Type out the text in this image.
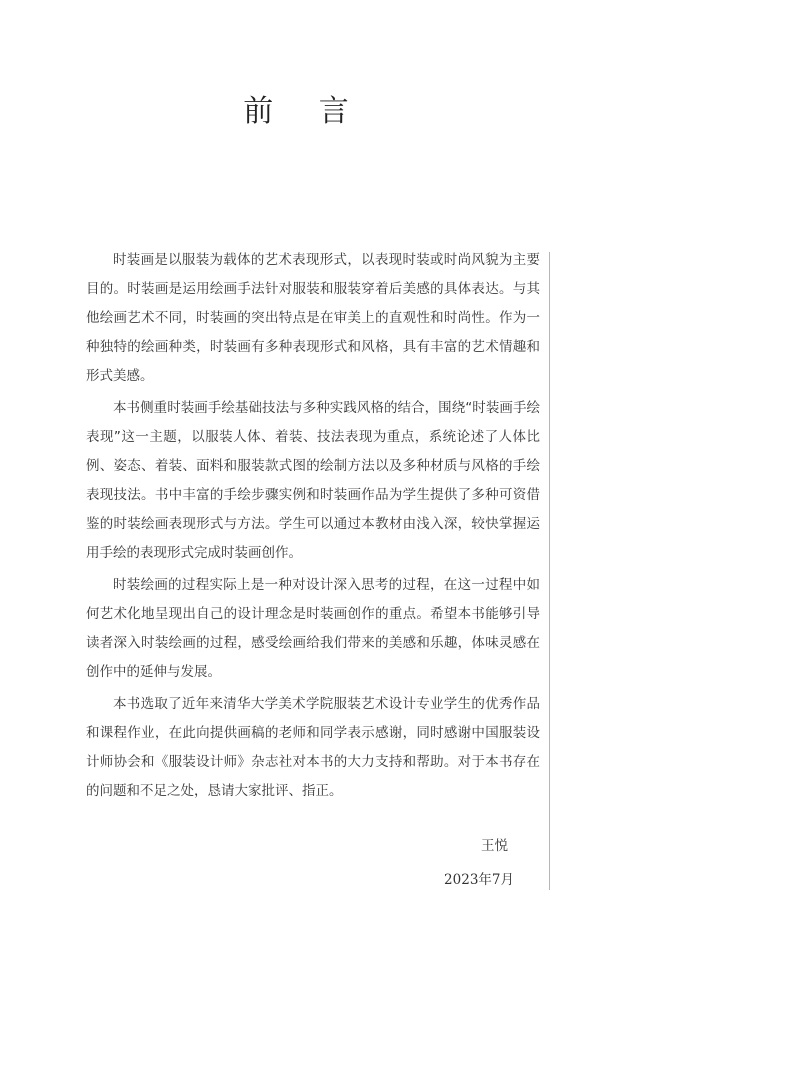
前 言

时装画是以服装为载体的艺术表现形式，以表现时装或时尚风貌为主要目的。时装画是运用绘画手法针对服装和服装穿着后美感的具体表达。与其他绘画艺术不同，时装画的突出特点是在审美上的直观性和时尚性。作为一种独特的绘画种类，时装画有多种表现形式和风格，具有丰富的艺术情趣和形式美感。

本书侧重时装画手绘基础技法与多种实践风格的结合，围绕“时装画手绘表现”这一主题，以服装人体、着装、技法表现为重点，系统论述了人体比例、姿态、着装、面料和服装款式图的绘制方法以及多种材质与风格的手绘表现技法。书中丰富的手绘步骤实例和时装画作品为学生提供了多种可资借鉴的时装绘画表现形式与方法。学生可以通过本教材由浅入深，较快掌握运用手绘的表现形式完成时装画创作。

时装绘画的过程实际上是一种对设计深入思考的过程，在这一过程中如何艺术化地呈现出自己的设计理念是时装画创作的重点。希望本书能够引导读者深入时装绘画的过程，感受绘画给我们带来的美感和乐趣，体味灵感在创作中的延伸与发展。

本书选取了近年来清华大学美术学院服装艺术设计专业学生的优秀作品和课程作业，在此向提供画稿的老师和同学表示感谢，同时感谢中国服装设计师协会和《服装设计师》杂志社对本书的大力支持和帮助。对于本书存在的问题和不足之处，恳请大家批评、指正。

王悦
2023年7月
